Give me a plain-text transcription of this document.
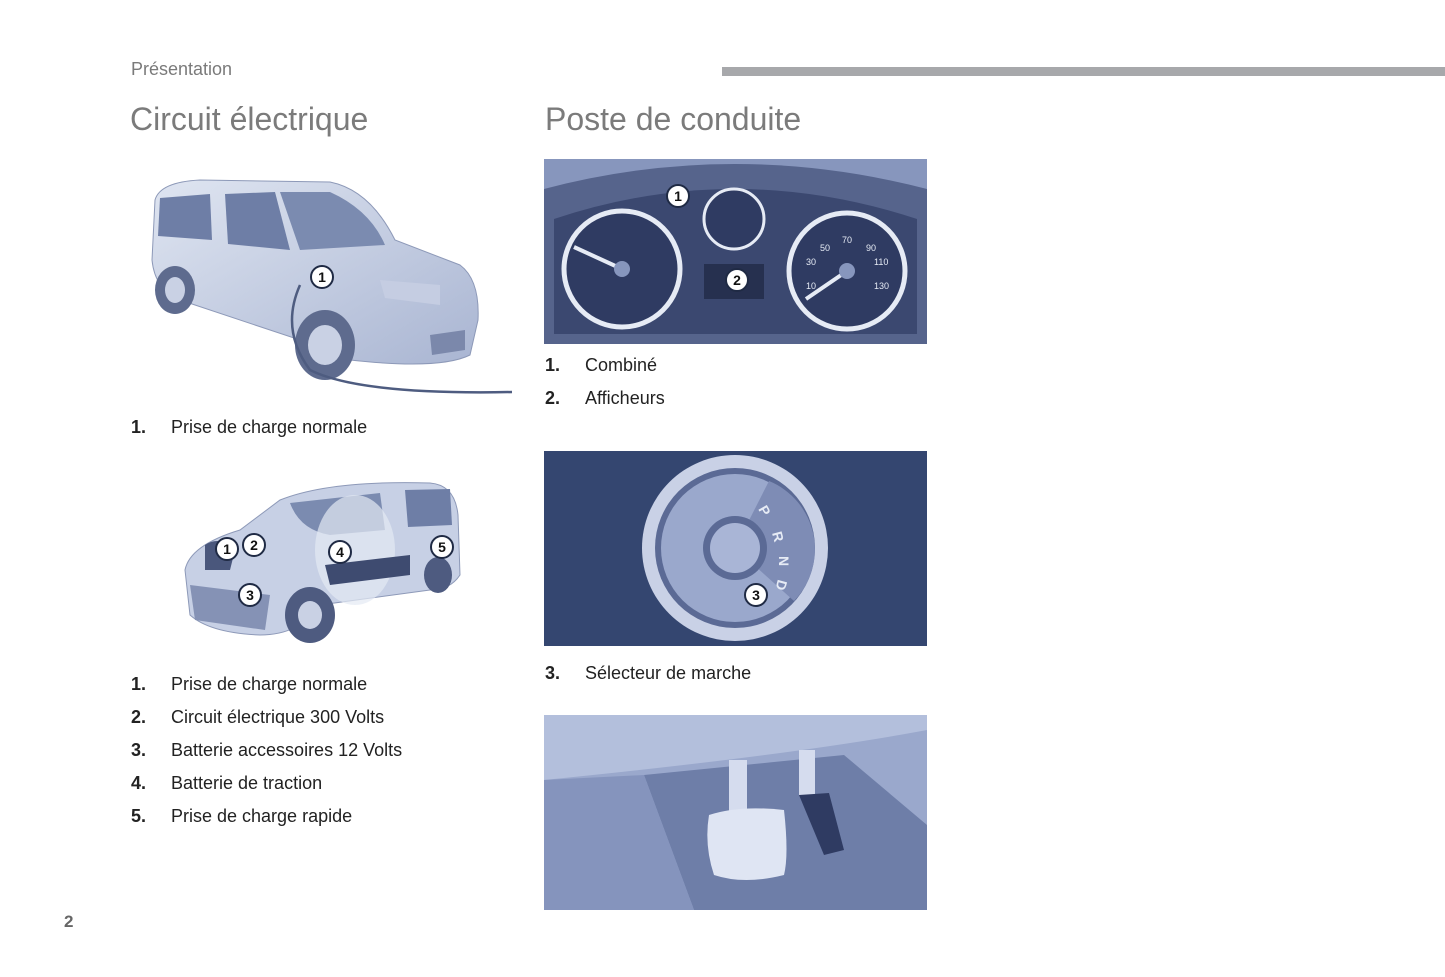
Présentation
Circuit électrique
1
1.	Prise de charge normale
1	2
3
4	5
1.	Prise de charge normale
2.	Circuit électrique 300 Volts
3.	Batterie accessoires 12 Volts
4.	Batterie de traction
5.	Prise de charge rapide
Poste de conduite
50
70
90
30	110
10	130
1
2
1.	Combiné
2.	Afficheurs
P
R
N
D
3
3.	Sélecteur de marche
2
